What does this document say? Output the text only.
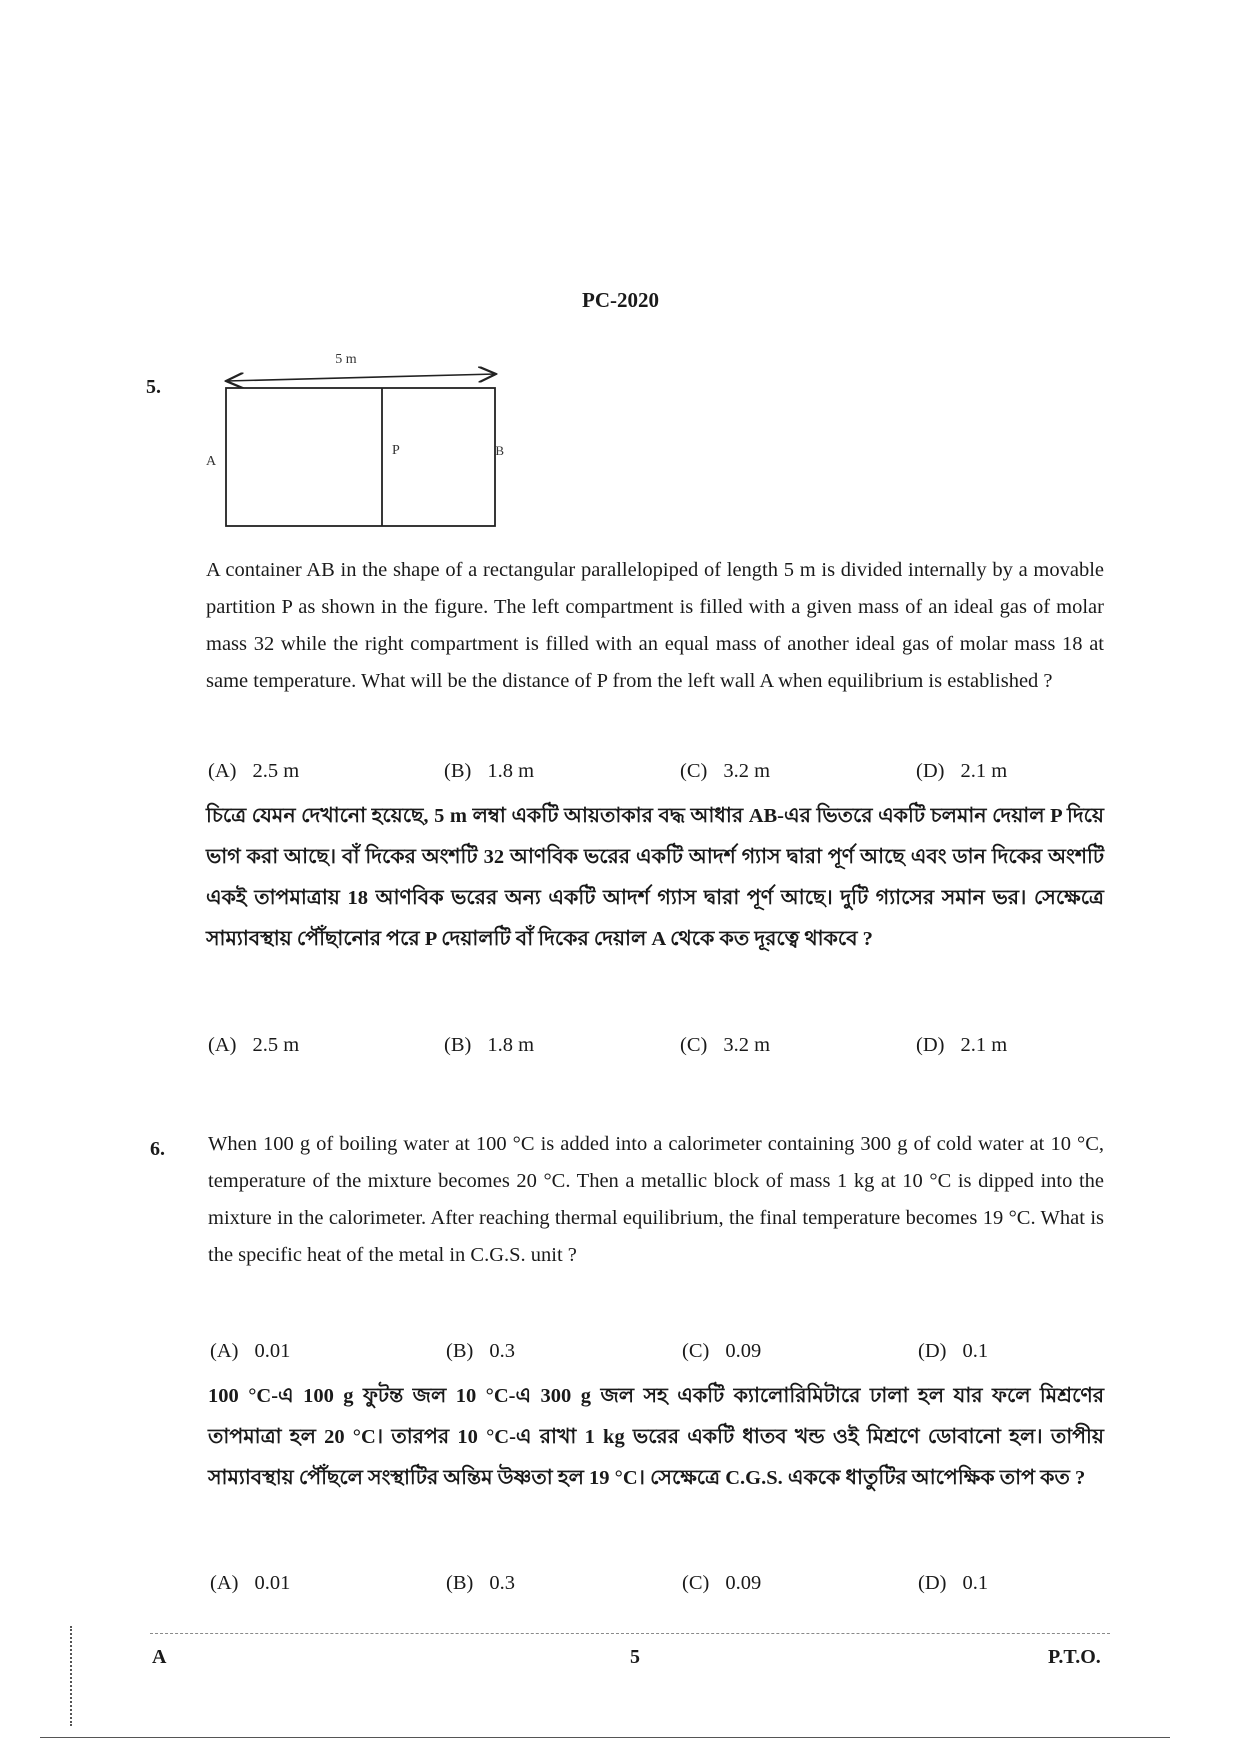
PC-2020
5.
5 m
A
P	B
A container AB in the shape of a rectangular parallelopiped of length 5 m is divided internally by a movable partition P as shown in the figure. The left compartment is filled with a given mass of an ideal gas of molar mass 32 while the right compartment is filled with an equal mass of another ideal gas of molar mass 18 at same temperature. What will be the distance of P from the left wall A when equilibrium is established ?
(A) 2.5 m	(B) 1.8 m	(C) 3.2 m	(D) 2.1 m
চিত্রে যেমন দেখানো হয়েছে, 5 m লম্বা একটি আয়তাকার বদ্ধ আধার AB-এর ভিতরে একটি চলমান দেয়াল P দিয়ে ভাগ করা আছে। বাঁ দিকের অংশটি 32 আণবিক ভরের একটি আদর্শ গ্যাস দ্বারা পূর্ণ আছে এবং ডান দিকের অংশটি একই তাপমাত্রায় 18 আণবিক ভরের অন্য একটি আদর্শ গ্যাস দ্বারা পূর্ণ আছে। দুটি গ্যাসের সমান ভর। সেক্ষেত্রে সাম্যাবস্থায় পৌঁছানোর পরে P দেয়ালটি বাঁ দিকের দেয়াল A থেকে কত দূরত্বে থাকবে ?
(A) 2.5 m	(B) 1.8 m	(C) 3.2 m	(D) 2.1 m
6. When 100 g of boiling water at 100 °C is added into a calorimeter containing 300 g of cold water at 10 °C, temperature of the mixture becomes 20 °C. Then a metallic block of mass 1 kg at 10 °C is dipped into the mixture in the calorimeter. After reaching thermal equilibrium, the final temperature becomes 19 °C. What is the specific heat of the metal in C.G.S. unit ?
(A) 0.01	(B) 0.3	(C) 0.09	(D) 0.1
100 °C-এ 100 g ফুটন্ত জল 10 °C-এ 300 g জল সহ একটি ক্যালোরিমিটারে ঢালা হল যার ফলে মিশ্রণের তাপমাত্রা হল 20 °C। তারপর 10 °C-এ রাখা 1 kg ভরের একটি ধাতব খন্ড ওই মিশ্রণে ডোবানো হল। তাপীয় সাম্যাবস্থায় পৌঁছলে সংস্থাটির অন্তিম উষ্ণতা হল 19 °C। সেক্ষেত্রে C.G.S. এককে ধাতুটির আপেক্ষিক তাপ কত ?
(A) 0.01	(B) 0.3	(C) 0.09	(D) 0.1
A	5	P.T.O.
